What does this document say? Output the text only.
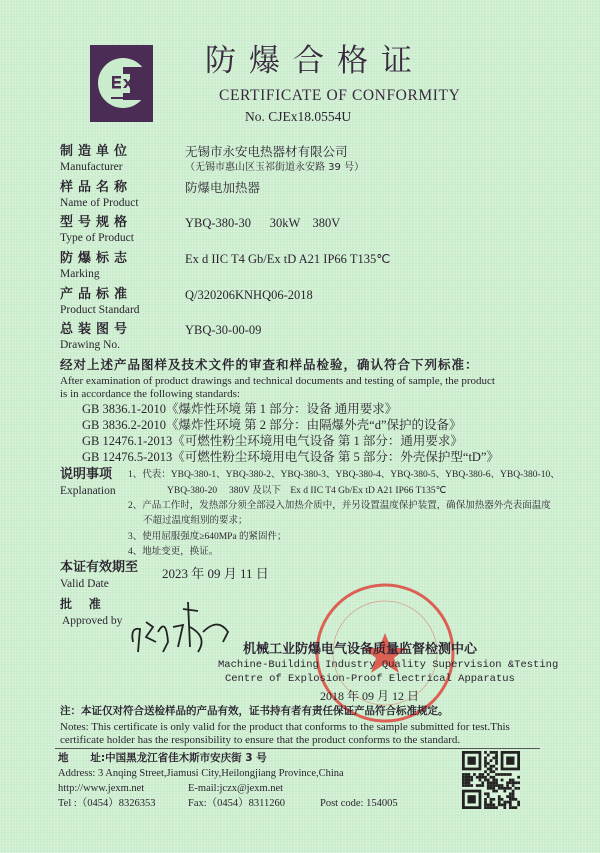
防爆合格证
CERTIFICATE OF CONFORMITY
No. CJEx18.0554U
制造单位
Manufacturer
无锡市永安电热器材有限公司
（无锡市惠山区玉祁街道永安路 39 号）
样品名称
Name of Product
防爆电加热器
型号规格
Type of Product
YBQ-380-30      30kW    380V
防爆标志
Marking
Ex d IIC T4 Gb/Ex tD A21 IP66 T135℃
产品标准
Product Standard
Q/320206KNHQ06-2018
总装图号
Drawing No.
YBQ-30-00-09
经对上述产品图样及技术文件的审查和样品检验，确认符合下列标准：
After examination of product drawings and technical documents and testing of sample, the product
is in accordance the following standards:
GB 3836.1-2010《爆炸性环境 第 1 部分：设备 通用要求》
GB 3836.2-2010《爆炸性环境 第 2 部分：由隔爆外壳“d”保护的设备》
GB 12476.1-2013《可燃性粉尘环境用电气设备 第 1 部分：通用要求》
GB 12476.5-2013《可燃性粉尘环境用电气设备 第 5 部分：外壳保护型“tD”》
说明事项
Explanation
1、代表：YBQ-380-1、YBQ-380-2、YBQ-380-3、YBQ-380-4、YBQ-380-5、YBQ-380-6、YBQ-380-10、
YBQ-380-20     380V 及以下    Ex d IIC T4 Gb/Ex tD A21 IP66 T135℃
2、产品工作时，发热部分须全部浸入加热介质中，并另设置温度保护装置，确保加热器外壳表面温度
不超过温度组别的要求；
3、使用屈服强度≥640MPa 的紧固件；
4、地址变更，换证。
本证有效期至
Valid Date
2023 年 09 月 11 日
批    准
Approved by
机械工业防爆电气设备质量监督检测中心
Machine-Building Industry Quality Supervision &Testing
Centre of Explosion-Proof Electrical Apparatus
2018 年 09 月 12 日
注：本证仅对符合送检样品的产品有效，证书持有者有责任保证产品符合标准规定。
Notes: This certificate is only valid for the product that conforms to the sample submitted for test.This
certificate holder has the responsibility to ensure that the product conforms to the standard.
地      址:中国黑龙江省佳木斯市安庆街 3 号
Address: 3 Anqing Street,Jiamusi City,Heilongjiang Province,China
http://www.jexm.net	E-mail:jczx@jexm.net
Tel :（0454）8326353	Fax:（0454）8311260	Post code: 154005
